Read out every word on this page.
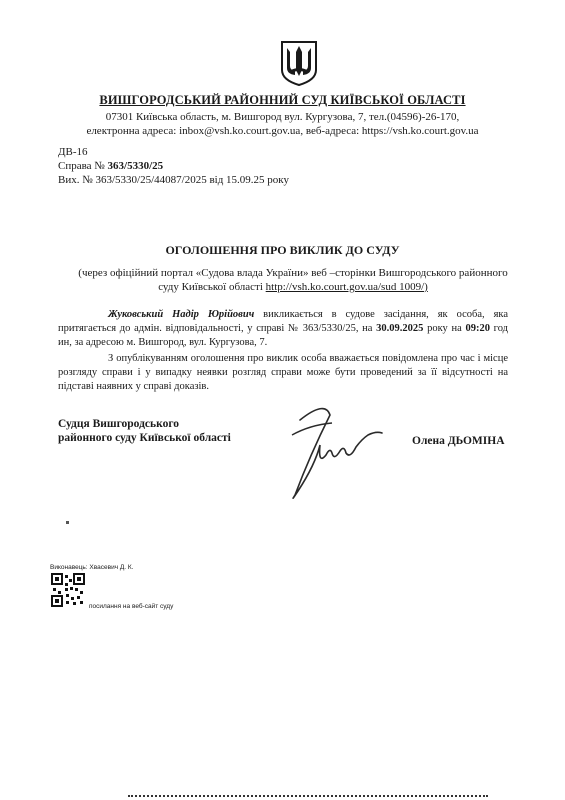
ВИШГОРОДСЬКИЙ РАЙОННИЙ СУД КИЇВСЬКОЇ ОБЛАСТІ
07301 Київська область, м. Вишгород вул. Кургузова, 7, тел.(04596)-26-170,
електронна адреса: inbox@vsh.ko.court.gov.ua, веб-адреса: https://vsh.ko.court.gov.ua
ДВ-16
Справа № 363/5330/25
Вих. № 363/5330/25/44087/2025 від 15.09.25 року
ОГОЛОШЕННЯ ПРО ВИКЛИК ДО СУДУ
(через офіційний портал «Судова влада України» веб –сторінки Вишгородського районного суду Київської області http://vsh.ko.court.gov.ua/sud 1009/)
Жуковський Надір Юрійович викликається в судове засідання, як особа, яка притягається до адмін. відповідальності, у справі № 363/5330/25, на 30.09.2025 року на 09:20 год ин, за адресою м. Вишгород, вул. Кургузова, 7.
З опублікуванням оголошення про виклик особа вважається повідомлена про час і місце розгляду справи і у випадку неявки розгляд справи може бути проведений за її відсутності на підставі наявних у справі доказів.
Судця Вишгородського
районного суду Київської області	Олена ДЬОМІНА
Виконавець: Хвасевич Д. К.
посилання на веб-сайт суду
